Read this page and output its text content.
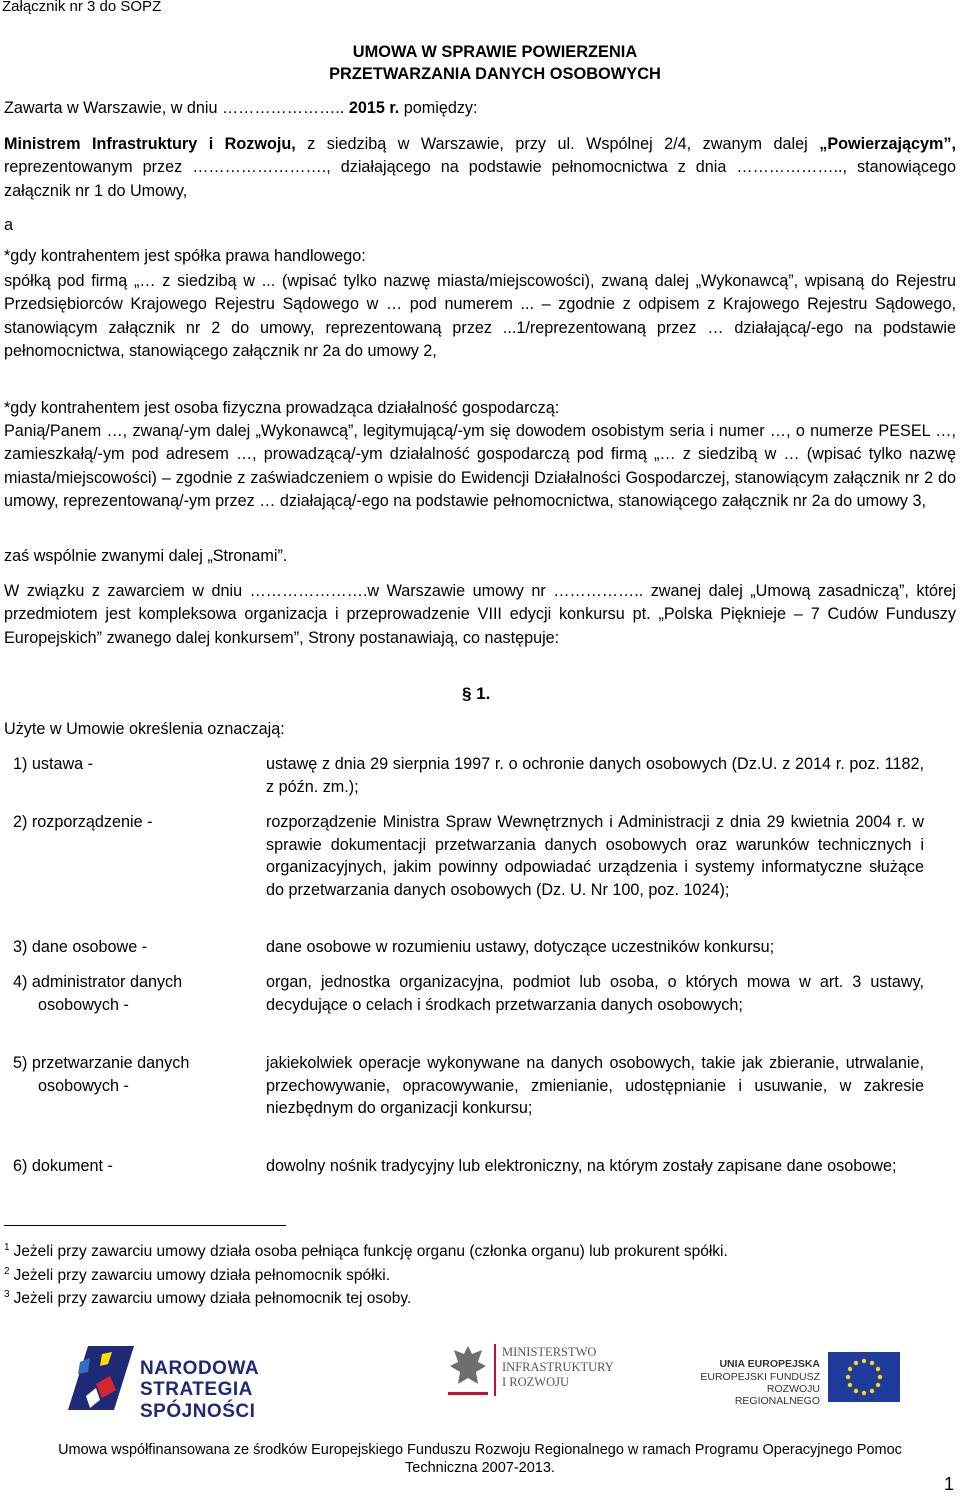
Załącznik nr 3 do SOPZ
UMOWA W SPRAWIE POWIERZENIA
PRZETWARZANIA DANYCH OSOBOWYCH
Zawarta w Warszawie, w dniu ………………….. 2015 r. pomiędzy:
Ministrem Infrastruktury i Rozwoju, z siedzibą w Warszawie, przy ul. Wspólnej 2/4, zwanym dalej „Powierzającym”, reprezentowanym przez ……………………., działającego na podstawie pełnomocnictwa z dnia ……………….., stanowiącego załącznik nr 1 do Umowy,
a
*gdy kontrahentem jest spółka prawa handlowego:
spółką pod firmą „… z siedzibą w ... (wpisać tylko nazwę miasta/miejscowości), zwaną dalej „Wykonawcą”, wpisaną do Rejestru Przedsiębiorców Krajowego Rejestru Sądowego w … pod numerem ... – zgodnie z odpisem z Krajowego Rejestru Sądowego, stanowiącym załącznik nr 2 do umowy, reprezentowaną przez ...1/reprezentowaną przez … działającą/-ego na podstawie pełnomocnictwa, stanowiącego załącznik nr 2a do umowy 2,
*gdy kontrahentem jest osoba fizyczna prowadząca działalność gospodarczą:
Panią/Panem …, zwaną/-ym dalej „Wykonawcą”, legitymującą/-ym się dowodem osobistym seria i numer …, o numerze PESEL …, zamieszkałą/-ym pod adresem …, prowadzącą/-ym działalność gospodarczą pod firmą „… z siedzibą w … (wpisać tylko nazwę miasta/miejscowości) – zgodnie z zaświadczeniem o wpisie do Ewidencji Działalności Gospodarczej, stanowiącym załącznik nr 2 do umowy, reprezentowaną/-ym przez … działającą/-ego na podstawie pełnomocnictwa, stanowiącego załącznik nr 2a do umowy 3,
zaś wspólnie zwanymi dalej „Stronami”.
W związku z zawarciem w dniu ………………….w Warszawie umowy nr …………….. zwanej dalej „Umową zasadniczą”, której przedmiotem jest kompleksowa organizacja i przeprowadzenie VIII edycji konkursu pt. „Polska Pięknieje – 7 Cudów Funduszy Europejskich” zwanego dalej konkursem”, Strony postanawiają, co następuje:
§ 1.
Użyte w Umowie określenia oznaczają:
1) ustawa -	ustawę z dnia 29 sierpnia 1997 r. o ochronie danych osobowych (Dz.U. z 2014 r. poz. 1182, z późn. zm.);
2) rozporządzenie -	rozporządzenie Ministra Spraw Wewnętrznych i Administracji z dnia 29 kwietnia 2004 r. w sprawie dokumentacji przetwarzania danych osobowych oraz warunków technicznych i organizacyjnych, jakim powinny odpowiadać urządzenia i systemy informatyczne służące do przetwarzania danych osobowych (Dz. U. Nr 100, poz. 1024);
3) dane osobowe -	dane osobowe w rozumieniu ustawy, dotyczące uczestników konkursu;
4) administrator danych
osobowych -
organ, jednostka organizacyjna, podmiot lub osoba, o których mowa w art. 3 ustawy, decydujące o celach i środkach przetwarzania danych osobowych;
5) przetwarzanie danych
osobowych -
jakiekolwiek operacje wykonywane na danych osobowych, takie jak zbieranie, utrwalanie, przechowywanie, opracowywanie, zmienianie, udostępnianie i usuwanie, w zakresie niezbędnym do organizacji konkursu;
6) dokument -	dowolny nośnik tradycyjny lub elektroniczny, na którym zostały zapisane dane osobowe;
$^1$ Jeżeli przy zawarciu umowy działa osoba pełniąca funkcję organu (członka organu) lub prokurent spółki.
$^2$ Jeżeli przy zawarciu umowy działa pełnomocnik spółki.
$^3$ Jeżeli przy zawarciu umowy działa pełnomocnik tej osoby.
NARODOWA
STRATEGIA SPÓJNOŚCI
MINISTERSTWO
INFRASTRUKTURY
I ROZWOJU
UNIA EUROPEJSKA
EUROPEJSKI FUNDUSZ
ROZWOJU REGIONALNEGO
Umowa współfinansowana ze środków Europejskiego Funduszu Rozwoju Regionalnego w ramach Programu Operacyjnego Pomoc
Techniczna 2007-2013.
1
